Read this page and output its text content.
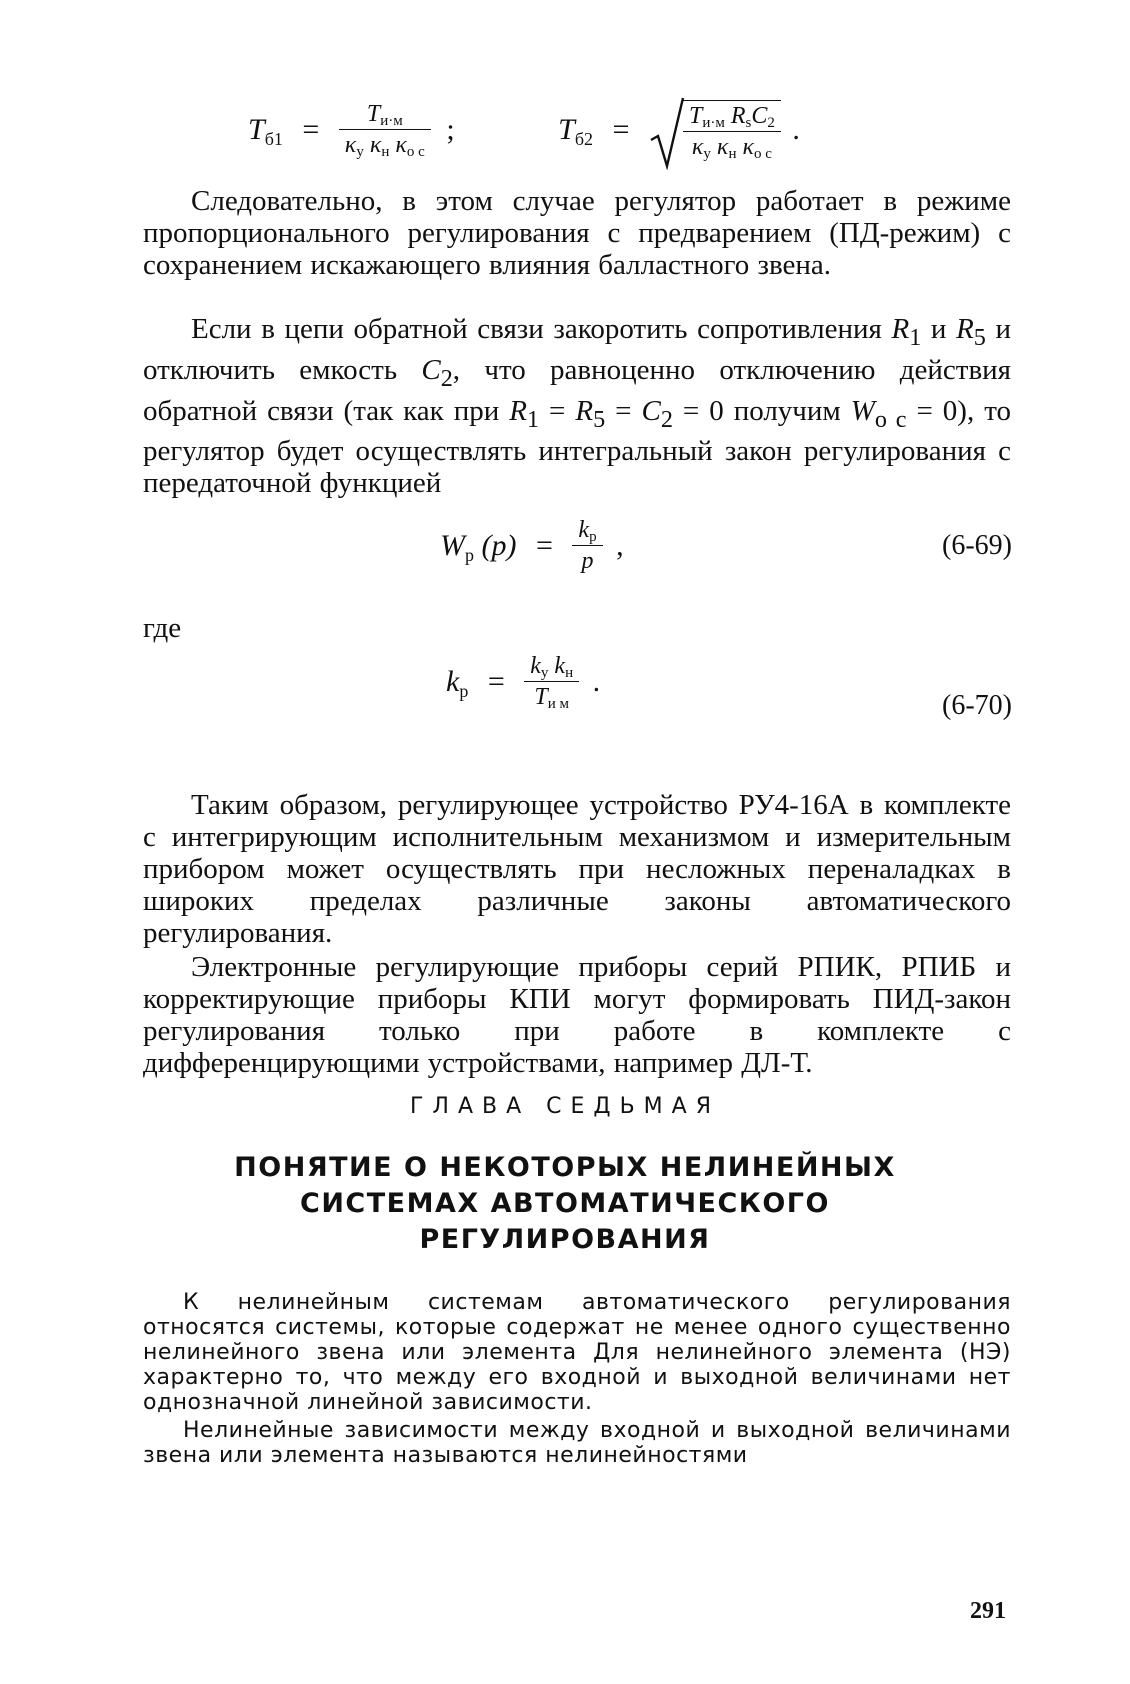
$T_{б1} = \frac{Tи\cdot м}{\text{κу κн κо с}}$ ;	$T_{б2} = \frac{\text{Tи·м RsC2}}{\text{κу κн κо с}}$ .
Следовательно, в этом случае регулятор работает в режиме пропорционального регулирования с предварением (ПД-режим) с сохранением искажающего влияния балластного звена.
Если в цепи обратной связи закоротить сопротивления $R_1$ и $R_5$ и отключить емкость $C_2$, что равноценно отключению действия обратной связи (так как при $R_1 = R_5 = C_2 = 0$ получим $W_{о с} = 0$), то регулятор будет осуществлять интегральный закон регулирования с передаточной функцией
$W_р$ $(p) = \frac{kр}{p}$ ,	(6-69)
где
$k_р = \frac{\text{kу kн}}{\text{Tи м}}$ .
(6-70)
Таким образом, регулирующее устройство РУ4-16А в комплекте с интегрирующим исполнительным механизмом и измерительным прибором может осуществлять при несложных переналадках в широких пределах различные законы автоматического регулирования.
Электронные регулирующие приборы серий РПИК, РПИБ и корректирующие приборы КПИ могут формировать ПИД-закон регулирования только при работе в комплекте с дифференцирующими устройствами, например ДЛ-Т.
ГЛАВА СЕДЬМАЯ
ПОНЯТИЕ О НЕКОТОРЫХ НЕЛИНЕЙНЫХ
СИСТЕМАХ АВТОМАТИЧЕСКОГО
РЕГУЛИРОВАНИЯ
К нелинейным системам автоматического регулирования относятся системы, которые содержат не менее одного существенно нелинейного звена или элемента Для нелинейного элемента (НЭ) характерно то, что между его входной и выходной величинами нет однозначной линейной зависимости.
Нелинейные зависимости между входной и выходной величинами звена или элемента называются нелинейностями
291
